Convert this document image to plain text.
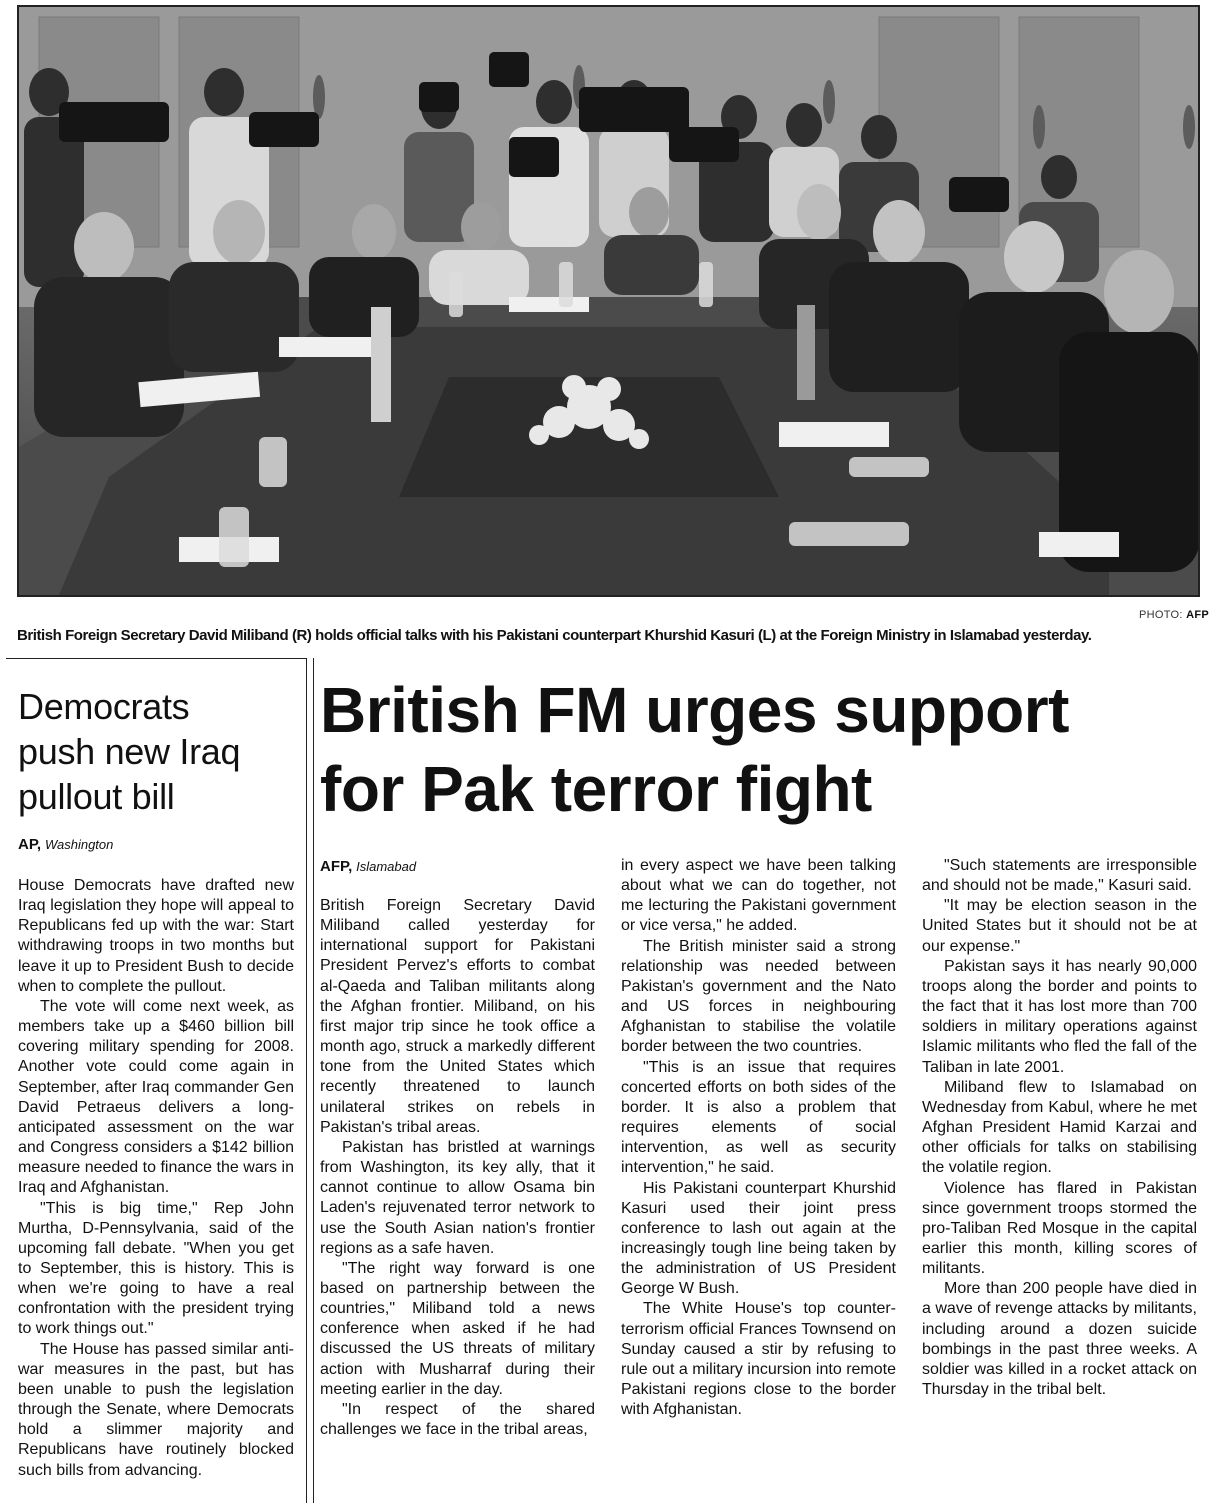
PHOTO: AFP
British Foreign Secretary David Miliband (R) holds official talks with his Pakistani counterpart Khurshid Kasuri (L) at the Foreign Ministry in Islamabad yesterday.
Democrats
push new Iraq
pullout bill
AP, Washington

House Democrats have drafted new Iraq legislation they hope will appeal to Republicans fed up with the war: Start withdrawing troops in two months but leave it up to President Bush to decide when to complete the pullout.

The vote will come next week, as members take up a $460 billion bill covering military spending for 2008. Another vote could come again in September, after Iraq commander Gen David Petraeus delivers a long-anticipated assessment on the war and Congress considers a $142 billion measure needed to finance the wars in Iraq and Afghanistan.

"This is big time," Rep John Murtha, D-Pennsylvania, said of the upcoming fall debate. "When you get to September, this is history. This is when we're going to have a real confrontation with the president trying to work things out."

The House has passed similar anti-war measures in the past, but has been unable to push the legislation through the Senate, where Democrats hold a slimmer majority and Republicans have routinely blocked such bills from advancing.

British FM urges support
for Pak terror fight
AFP, Islamabad

British Foreign Secretary David Miliband called yesterday for international support for Pakistani President Pervez's efforts to combat al-Qaeda and Taliban militants along the Afghan frontier. Miliband, on his first major trip since he took office a month ago, struck a markedly different tone from the United States which recently threatened to launch unilateral strikes on rebels in Pakistan's tribal areas.

Pakistan has bristled at warnings from Washington, its key ally, that it cannot continue to allow Osama bin Laden's rejuvenated terror network to use the South Asian nation's frontier regions as a safe haven.

"The right way forward is one based on partnership between the countries," Miliband told a news conference when asked if he had discussed the US threats of military action with Musharraf during their meeting earlier in the day.

"In respect of the shared challenges we face in the tribal areas,

in every aspect we have been talking about what we can do together, not me lecturing the Pakistani government or vice versa," he added.

The British minister said a strong relationship was needed between Pakistan's government and the Nato and US forces in neighbouring Afghanistan to stabilise the volatile border between the two countries.

"This is an issue that requires concerted efforts on both sides of the border. It is also a problem that requires elements of social intervention, as well as security intervention," he said.

His Pakistani counterpart Khurshid Kasuri used their joint press conference to lash out again at the increasingly tough line being taken by the administration of US President George W Bush.

The White House's top counter-terrorism official Frances Townsend on Sunday caused a stir by refusing to rule out a military incursion into remote Pakistani regions close to the border with Afghanistan.

"Such statements are irresponsible and should not be made," Kasuri said.

"It may be election season in the United States but it should not be at our expense."

Pakistan says it has nearly 90,000 troops along the border and points to the fact that it has lost more than 700 soldiers in military operations against Islamic militants who fled the fall of the Taliban in late 2001.

Miliband flew to Islamabad on Wednesday from Kabul, where he met Afghan President Hamid Karzai and other officials for talks on stabilising the volatile region.

Violence has flared in Pakistan since government troops stormed the pro-Taliban Red Mosque in the capital earlier this month, killing scores of militants.

More than 200 people have died in a wave of revenge attacks by militants, including around a dozen suicide bombings in the past three weeks. A soldier was killed in a rocket attack on Thursday in the tribal belt.
